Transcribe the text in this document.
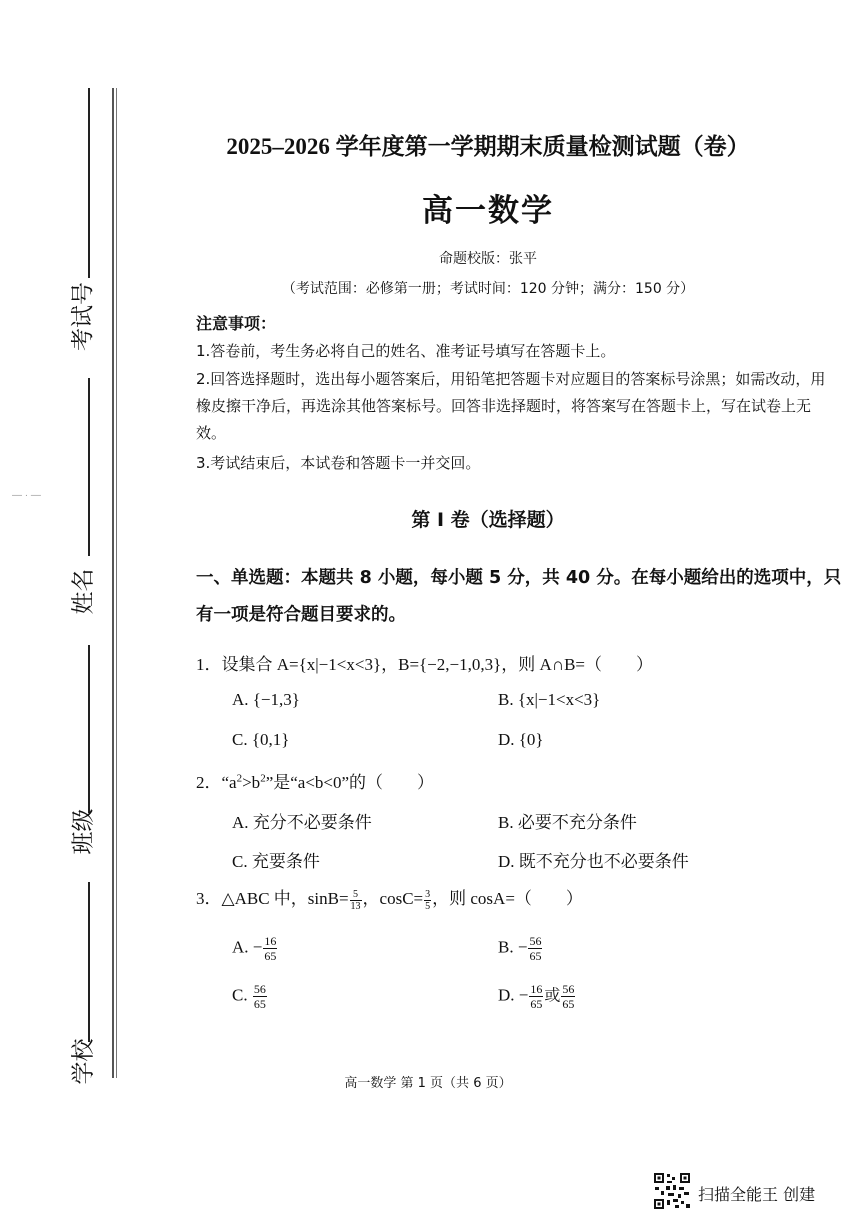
— · —
考试号
姓名
班级
学校
2025–2026 学年度第一学期期末质量检测试题（卷）
高一数学
命题校版：张平
（考试范围：必修第一册；考试时间：120 分钟；满分：150 分）
注意事项：
1.答卷前，考生务必将自己的姓名、准考证号填写在答题卡上。
2.回答选择题时，选出每小题答案后，用铅笔把答题卡对应题目的答案标号涂黑；如需改动，用橡皮擦干净后，再选涂其他答案标号。回答非选择题时，将答案写在答题卡上，写在试卷上无效。
3.考试结束后，本试卷和答题卡一并交回。
第 I 卷（选择题）
一、单选题：本题共 8 小题，每小题 5 分，共 40 分。在每小题给出的选项中，只有一项是符合题目要求的。
1．设集合 A={x|−1<x<3}，B={−2,−1,0,3}，则 A∩B=（　　）
A. {−1,3}	B. {x|−1<x<3}
C. {0,1}	D. {0}
2．“$a^2>b^2$”是“a<b<0”的（　　）
A. 充分不必要条件	B. 必要不充分条件
C. 充要条件	D. 既不充分也不必要条件
3．△ABC 中，$\sin B= \frac{5}{13}$ ，$\cos C= \frac{3}{5}$ ，则 cosA=（　　）
A. − $\frac{16}{65}$	B. − $\frac{56}{65}$
C. $\frac{56}{65}$	D. − $\frac{16}{65}$ 或 $\frac{56}{65}$
高一数学 第 1 页（共 6 页）
扫描全能王 创建
